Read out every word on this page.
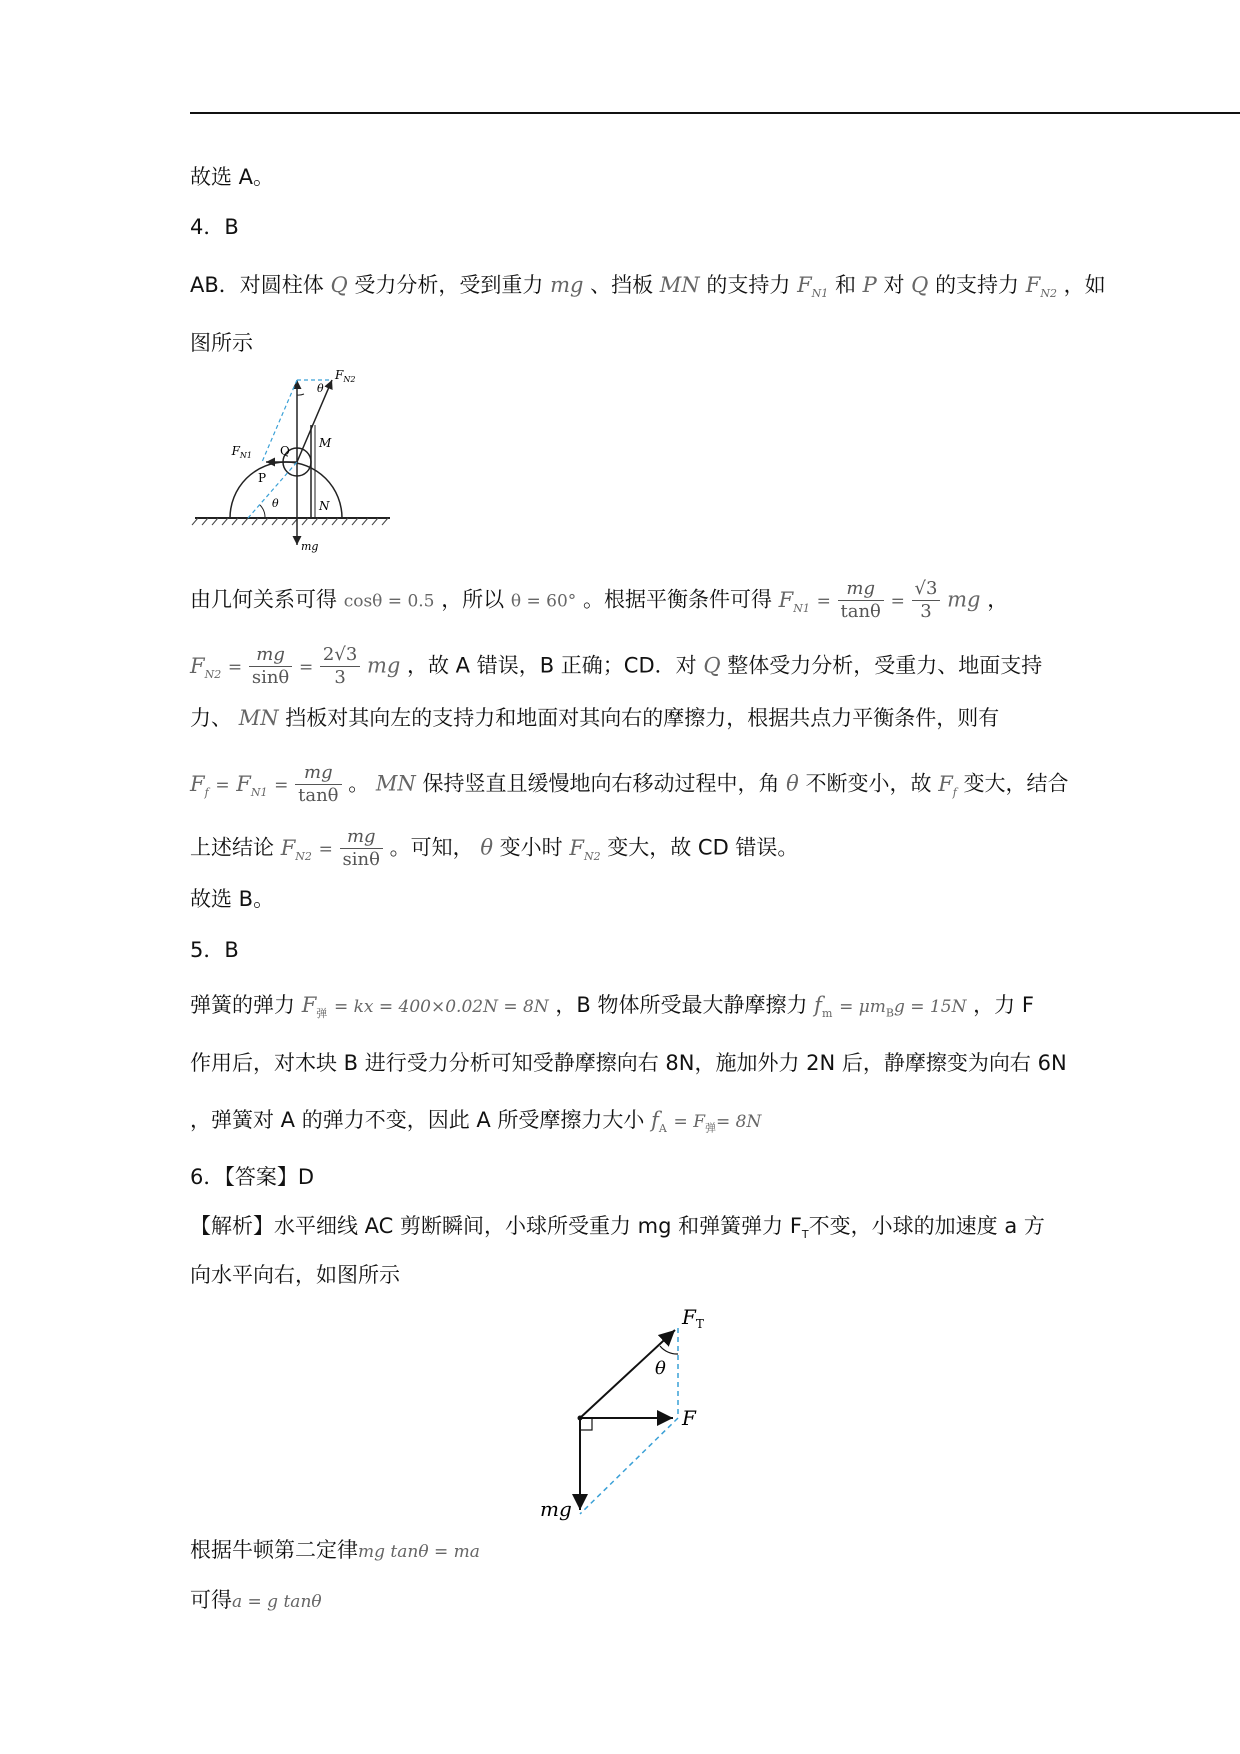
故选 A。
4．B
AB．对圆柱体 Q 受力分析，受到重力 mg 、挡板 MN 的支持力 $F_{N1}$ 和 P 对 Q 的支持力 $F_{N2}$ ，如
图所示
$F_{N2}$
$F_{N1}$
θ
θ
Q
P
M
N
mg
由几何关系可得 cosθ = 0.5 ，所以 θ = 60° 。根据平衡条件可得 $F_{N1} = \frac{mg}{\tan\theta} = \frac{√3}{3}$ mg ，
$F_{N2} = \frac{mg}{\sin\theta} = \frac{2√3}{3}$ mg ，故 A 错误，B 正确；CD．对 Q 整体受力分析，受重力、地面支持
力、 MN 挡板对其向左的支持力和地面对其向右的摩擦力，根据共点力平衡条件，则有
$F_f = F_{N1} = \frac{mg}{\tan\theta}$ 。 MN 保持竖直且缓慢地向右移动过程中，角 θ 不断变小，故 $F_f$ 变大，结合
上述结论 $F_{N2} = \frac{mg}{\sin\theta}$ 。可知， θ 变小时 $F_{N2}$ 变大，故 CD 错误。
故选 B。
5．B
弹簧的弹力 $F_弹$ = kx = 400×0.02N = 8N ，B 物体所受最大静摩擦力 $f_m = \mu m_Bg = 15N$ ，力 F
作用后，对木块 B 进行受力分析可知受静摩擦向右 8N，施加外力 2N 后，静摩擦变为向右 6N
，弹簧对 A 的弹力不变，因此 A 所受摩擦力大小 $f_A = F_弹= 8N$
6．【答案】D
【解析】水平细线 AC 剪断瞬间，小球所受重力 mg 和弹簧弹力 $F_T$不变，小球的加速度 a 方
向水平向右，如图所示
$F_T$
θ
F
mg
根据牛顿第二定律mg tanθ = ma
可得a = g tanθ
